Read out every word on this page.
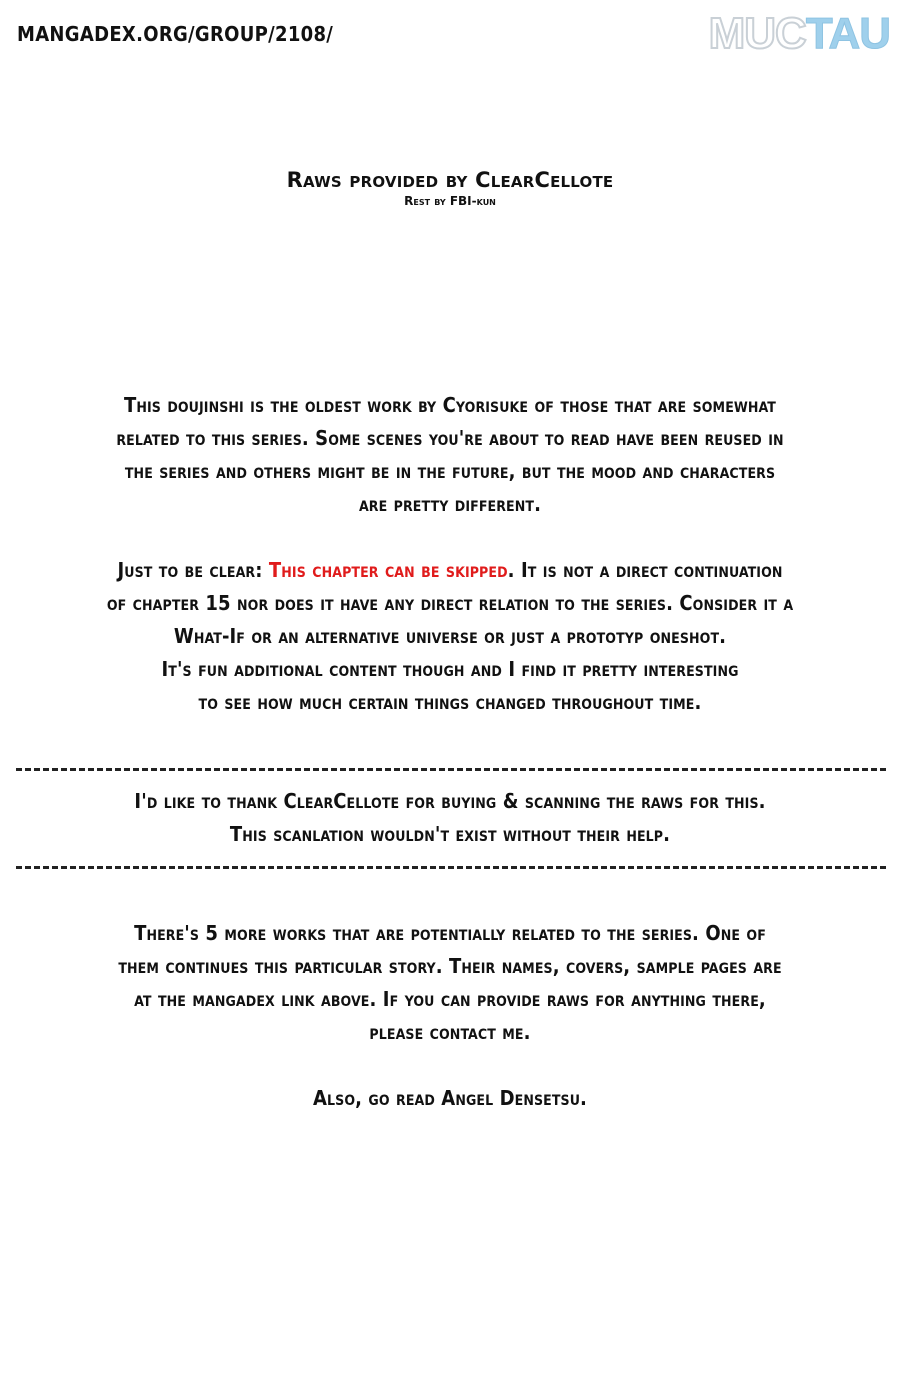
MANGADEX.ORG/GROUP/2108/	MUCTAU
Raws provided by ClearCellote
Rest by FBI-kun
This doujinshi is the oldest work by Cyorisuke of those that are somewhat
related to this series. Some scenes you're about to read have been reused in
the series and others might be in the future, but the mood and characters
are pretty different.
Just to be clear: This chapter can be skipped. It is not a direct continuation
of chapter 15 nor does it have any direct relation to the series. Consider it a
What-If or an alternative universe or just a prototyp oneshot.
It's fun additional content though and I find it pretty interesting
to see how much certain things changed throughout time.
I'd like to thank ClearCellote for buying & scanning the raws for this.
This scanlation wouldn't exist without their help.
There's 5 more works that are potentially related to the series. One of
them continues this particular story. Their names, covers, sample pages are
at the mangadex link above. If you can provide raws for anything there,
please contact me.
Also, go read Angel Densetsu.
